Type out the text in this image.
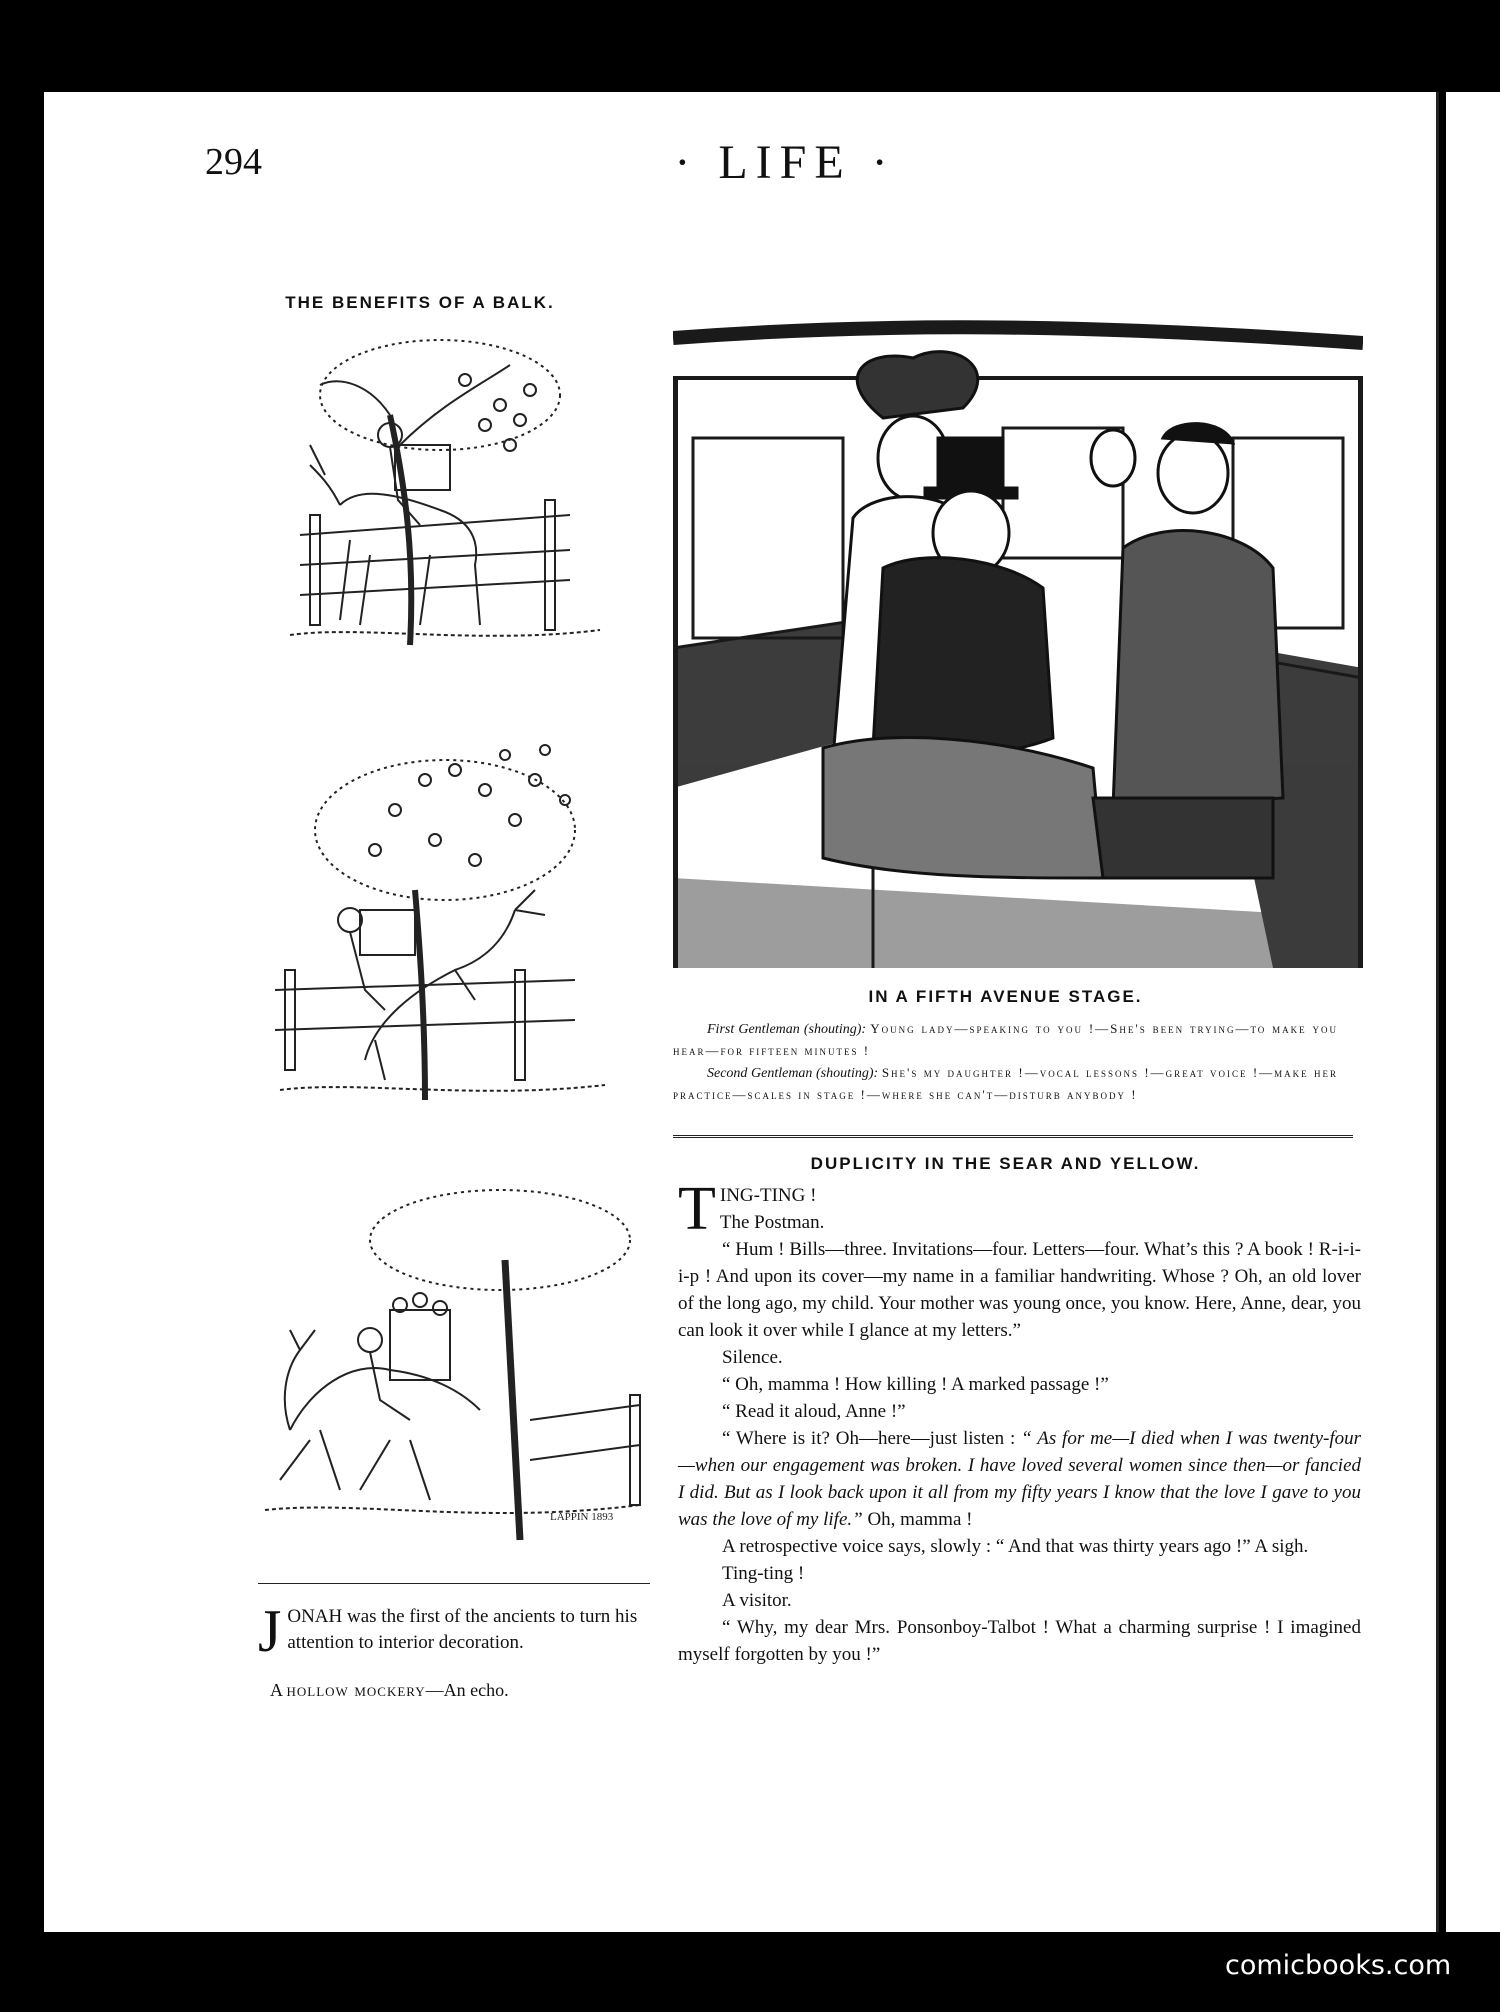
294	· LIFE ·
THE BENEFITS OF A BALK.
LAPPIN 1893
JONAH was the first of the ancients to turn his attention to interior decoration.
A hollow mockery—An echo.
IN A FIFTH AVENUE STAGE.

First Gentleman (shouting): Young lady—speaking to you !—She's been trying—to make you hear—for fifteen minutes !

Second Gentleman (shouting): She's my daughter !—vocal lessons !—great voice !—make her practice—scales in stage !—where she can't—disturb anybody !

DUPLICITY IN THE SEAR AND YELLOW.

TING-TING !
The Postman.

“ Hum ! Bills—three. Invitations—four. Letters—four. What’s this ? A book ! R-i-i-i-p ! And upon its cover—my name in a familiar handwriting. Whose ? Oh, an old lover of the long ago, my child. Your mother was young once, you know. Here, Anne, dear, you can look it over while I glance at my letters.”

Silence.

“ Oh, mamma ! How killing ! A marked passage !”

“ Read it aloud, Anne !”

“ Where is it? Oh—here—just listen : “ As for me—I died when I was twenty-four—when our engagement was broken. I have loved several women since then—or fancied I did. But as I look back upon it all from my fifty years I know that the love I gave to you was the love of my life.” Oh, mamma !

A retrospective voice says, slowly : “ And that was thirty years ago !” A sigh.

Ting-ting !

A visitor.

“ Why, my dear Mrs. Ponsonboy-Talbot ! What a charming surprise ! I imagined myself forgotten by you !”

comicbooks.com
